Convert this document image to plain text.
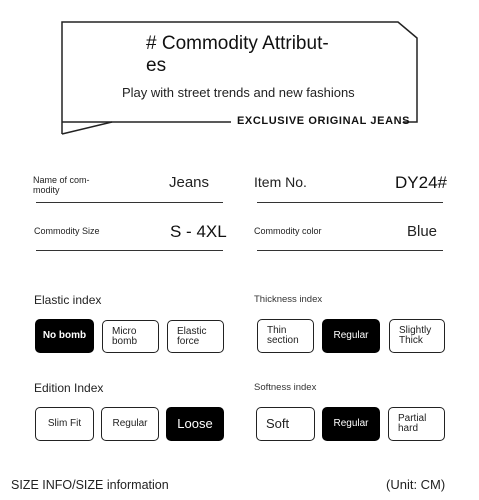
# Commodity Attribut-
es
Play with street trends and new fashions
EXCLUSIVE ORIGINAL JEANS
Name of com-
modity	Jeans	Item No.	DY24#
Commodity Size	S - 4XL	Commodity color	Blue
Elastic index
No bomb	Micro
bomb
Elastic
force
Thickness index
Thin
section	Regular	Slightly
Thick
Edition Index
Slim Fit	Regular Loose
Softness index
Soft	Regular	Partial
hard
SIZE INFO/SIZE information	(Unit: CM)
